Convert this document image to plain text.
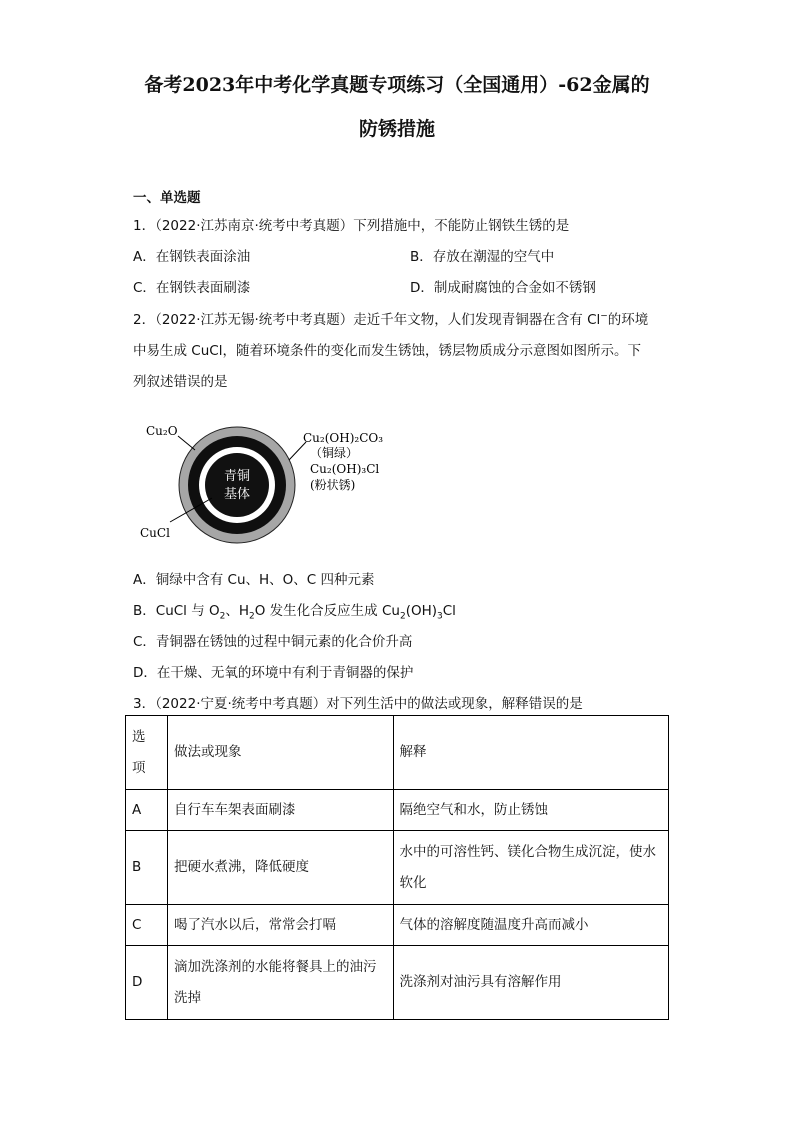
备考2023年中考化学真题专项练习（全国通用）-62金属的
防锈措施
一、单选题
1．（2022·江苏南京·统考中考真题）下列措施中，不能防止钢铁生锈的是
A．在钢铁表面涂油	B．存放在潮湿的空气中
C．在钢铁表面刷漆	D．制成耐腐蚀的合金如不锈钢
2．（2022·江苏无锡·统考中考真题）走近千年文物，人们发现青铜器在含有 Cl−的环境
中易生成 CuCl，随着环境条件的变化而发生锈蚀，锈层物质成分示意图如图所示。下
列叙述错误的是
青铜
基体
Cu₂O
CuCl
Cu₂(OH)₂CO₃
（铜绿）
Cu₂(OH)₃Cl
(粉状锈)
A．铜绿中含有 Cu、H、O、C 四种元素
B．CuCl 与 $O_2$、$H_2O$ 发生化合反应生成 $Cu_2(OH)_3Cl$
C．青铜器在锈蚀的过程中铜元素的化合价升高
D．在干燥、无氧的环境中有利于青铜器的保护
3．（2022·宁夏·统考中考真题）对下列生活中的做法或现象，解释错误的是
选
项	做法或现象	解释
A	自行车车架表面刷漆	隔绝空气和水，防止锈蚀
B	把硬水煮沸，降低硬度	水中的可溶性钙、镁化合物生成沉淀，使水
软化

C	喝了汽水以后，常常会打嗝	气体的溶解度随温度升高而减小
D	滴加洗涤剂的水能将餐具上的油污
洗掉	洗涤剂对油污具有溶解作用
